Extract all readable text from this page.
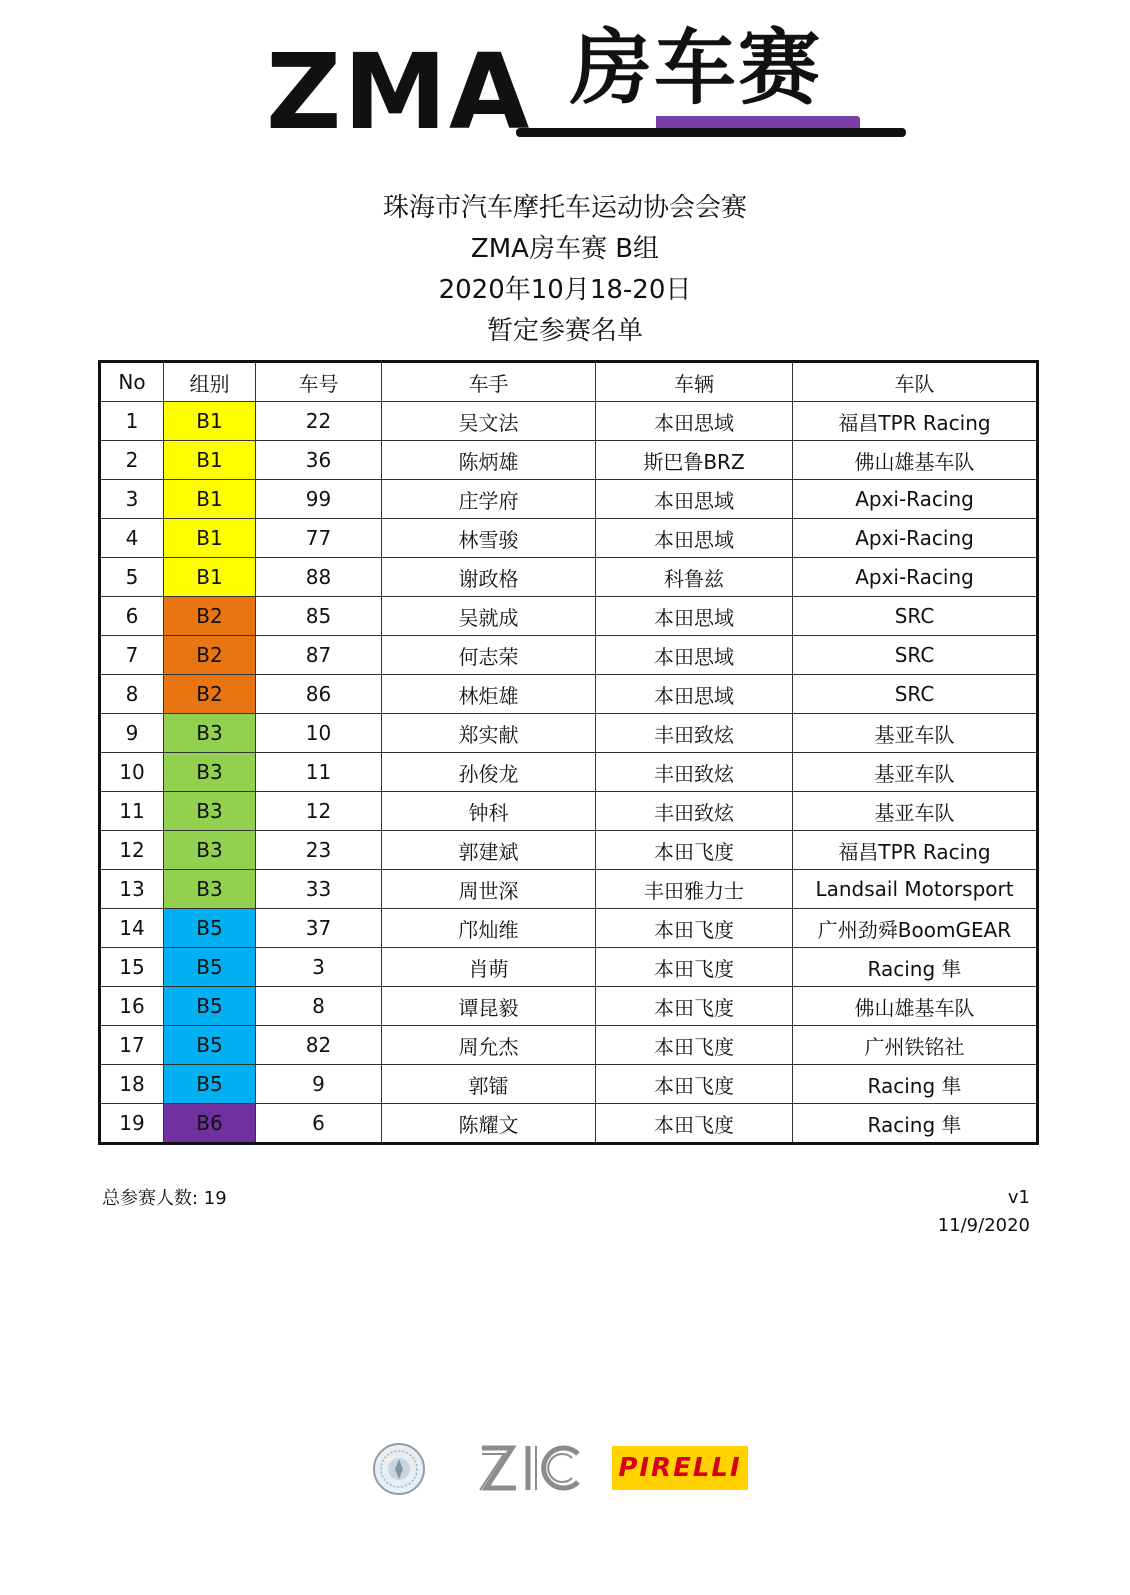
ZMA 房车赛
珠海市汽车摩托车运动协会会赛
ZMA房车赛 B组
2020年10月18-20日
暂定参赛名单
No	组别	车号	车手	车辆	车队
1	B1	22	吴文法	本田思域	福昌TPR Racing
2	B1	36	陈炳雄	斯巴鲁BRZ	佛山雄基车队
3	B1	99	庄学府	本田思域	Apxi-Racing
4	B1	77	林雪骏	本田思域	Apxi-Racing
5	B1	88	谢政格	科鲁兹	Apxi-Racing
6	B2	85	吴就成	本田思域	SRC
7	B2	87	何志荣	本田思域	SRC
8	B2	86	林炬雄	本田思域	SRC
9	B3	10	郑实献	丰田致炫	基亚车队
10	B3	11	孙俊龙	丰田致炫	基亚车队
11	B3	12	钟科	丰田致炫	基亚车队
12	B3	23	郭建斌	本田飞度	福昌TPR Racing
13	B3	33	周世深	丰田雅力士	Landsail Motorsport
14	B5	37	邝灿维	本田飞度	广州劲舜BoomGEAR
15	B5	3	肖萌	本田飞度	Racing 隼
16	B5	8	谭昆毅	本田飞度	佛山雄基车队
17	B5	82	周允杰	本田飞度	广州铁铭社
18	B5	9	郭镭	本田飞度	Racing 隼
19	B6	6	陈耀文	本田飞度	Racing 隼
总参赛人数: 19	v1
11/9/2020
PIRELLI
